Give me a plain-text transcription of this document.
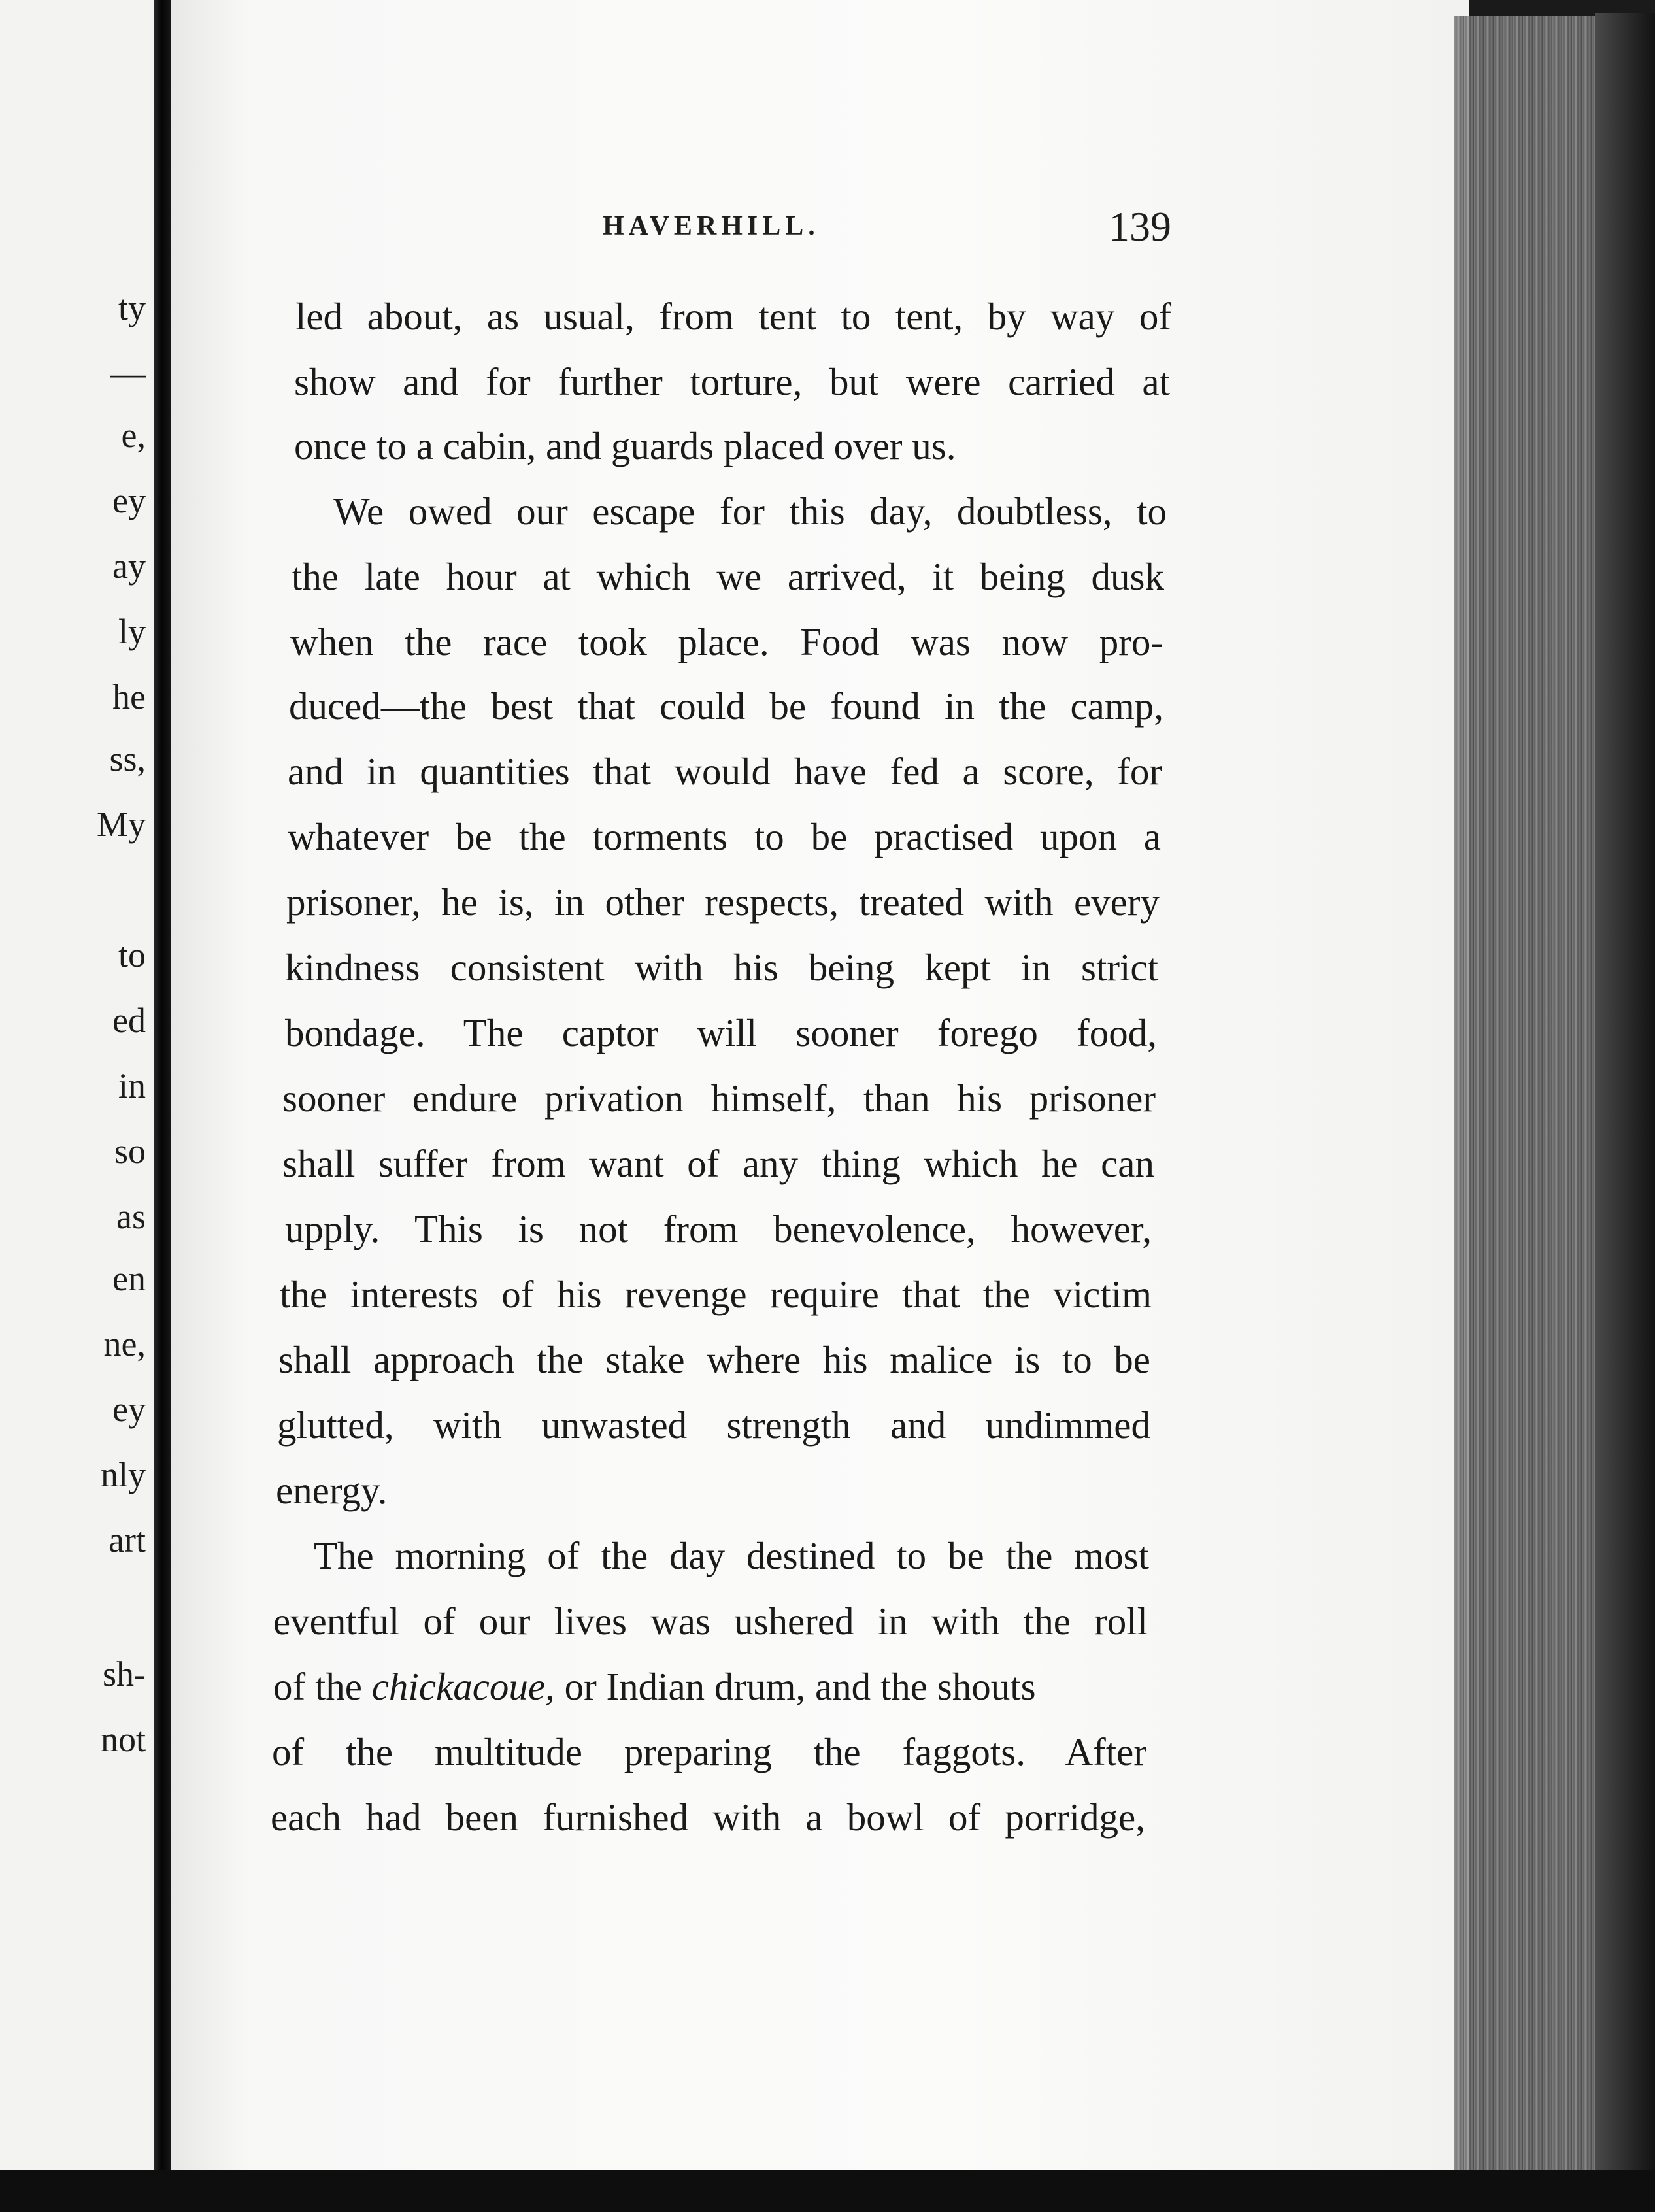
ty
—
e,
ey
ay
ly
he
ss,
My
to
ed
in
so
as
en
ne,
ey
nly
art
sh-
not
HAVERHILL.	139
led about, as usual, from tent to tent, by way of
show and for further torture, but were carried at
once to a cabin, and guards placed over us.
We owed our escape for this day, doubtless, to
the late hour at which we arrived, it being dusk
when the race took place. Food was now pro-
duced—the best that could be found in the camp,
and in quantities that would have fed a score, for
whatever be the torments to be practised upon a
prisoner, he is, in other respects, treated with every
kindness consistent with his being kept in strict
bondage. The captor will sooner forego food,
sooner endure privation himself, than his prisoner
shall suffer from want of any thing which he can
upply. This is not from benevolence, however,
the interests of his revenge require that the victim
shall approach the stake where his malice is to be
glutted, with unwasted strength and undimmed
energy.
The morning of the day destined to be the most
eventful of our lives was ushered in with the roll
of the chickacoue, or Indian drum, and the shouts
of the multitude preparing the faggots. After
each had been furnished with a bowl of porridge,
